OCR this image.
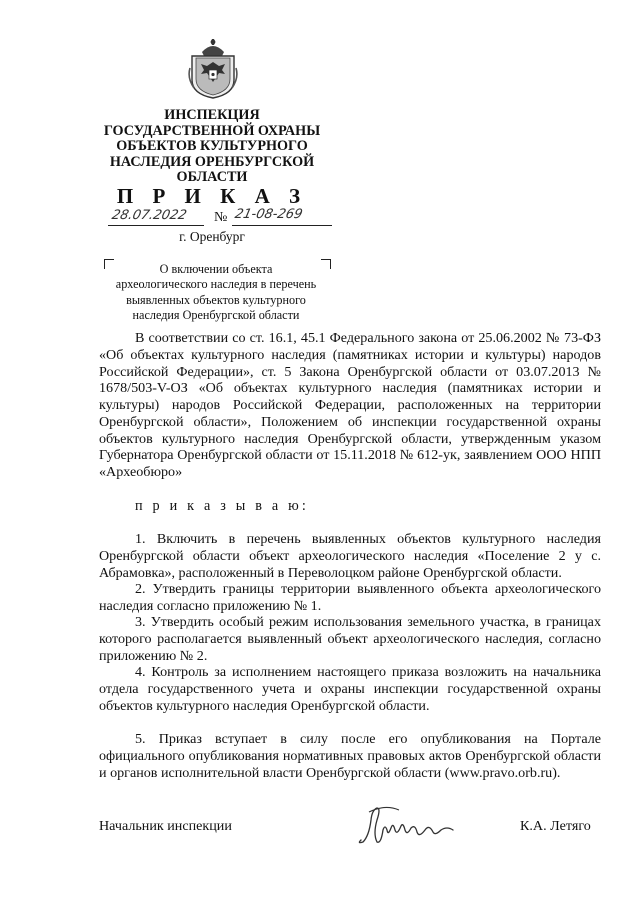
ИНСПЕКЦИЯ
ГОСУДАРСТВЕННОЙ ОХРАНЫ
ОБЪЕКТОВ КУЛЬТУРНОГО
НАСЛЕДИЯ ОРЕНБУРГСКОЙ
ОБЛАСТИ
П Р И К А З
28.07.2022 № 21-08-269
г. Оренбург
О включении объекта
археологического наследия в перечень
выявленных объектов культурного
наследия Оренбургской области
В соответствии со ст. 16.1, 45.1 Федерального закона от 25.06.2002 № 73-ФЗ «Об объектах культурного наследия (памятниках истории и культуры) народов Российской Федерации», ст. 5 Закона Оренбургской области от 03.07.2013 № 1678/503-V-ОЗ «Об объектах культурного наследия (памятниках истории и культуры) народов Российской Федерации, расположенных на территории Оренбургской области», Положением об инспекции государственной охраны объектов культурного наследия Оренбургской области, утвержденным указом Губернатора Оренбургской области от 15.11.2018 № 612-ук, заявлением ООО НПП «Археобюро»
п р и к а з ы в а ю:
1. Включить в перечень выявленных объектов культурного наследия Оренбургской области объект археологического наследия «Поселение 2 у с. Абрамовка», расположенный в Переволоцком районе Оренбургской области.
2. Утвердить границы территории выявленного объекта археологического наследия согласно приложению № 1.
3. Утвердить особый режим использования земельного участка, в границах которого располагается выявленный объект археологического наследия, согласно приложению № 2.
4. Контроль за исполнением настоящего приказа возложить на начальника отдела государственного учета и охраны инспекции государственной охраны объектов культурного наследия Оренбургской области.
5. Приказ вступает в силу после его опубликования на Портале официального опубликования нормативных правовых актов Оренбургской области и органов исполнительной власти Оренбургской области (www.pravo.orb.ru).
Начальник инспекции	К.А. Летяго
